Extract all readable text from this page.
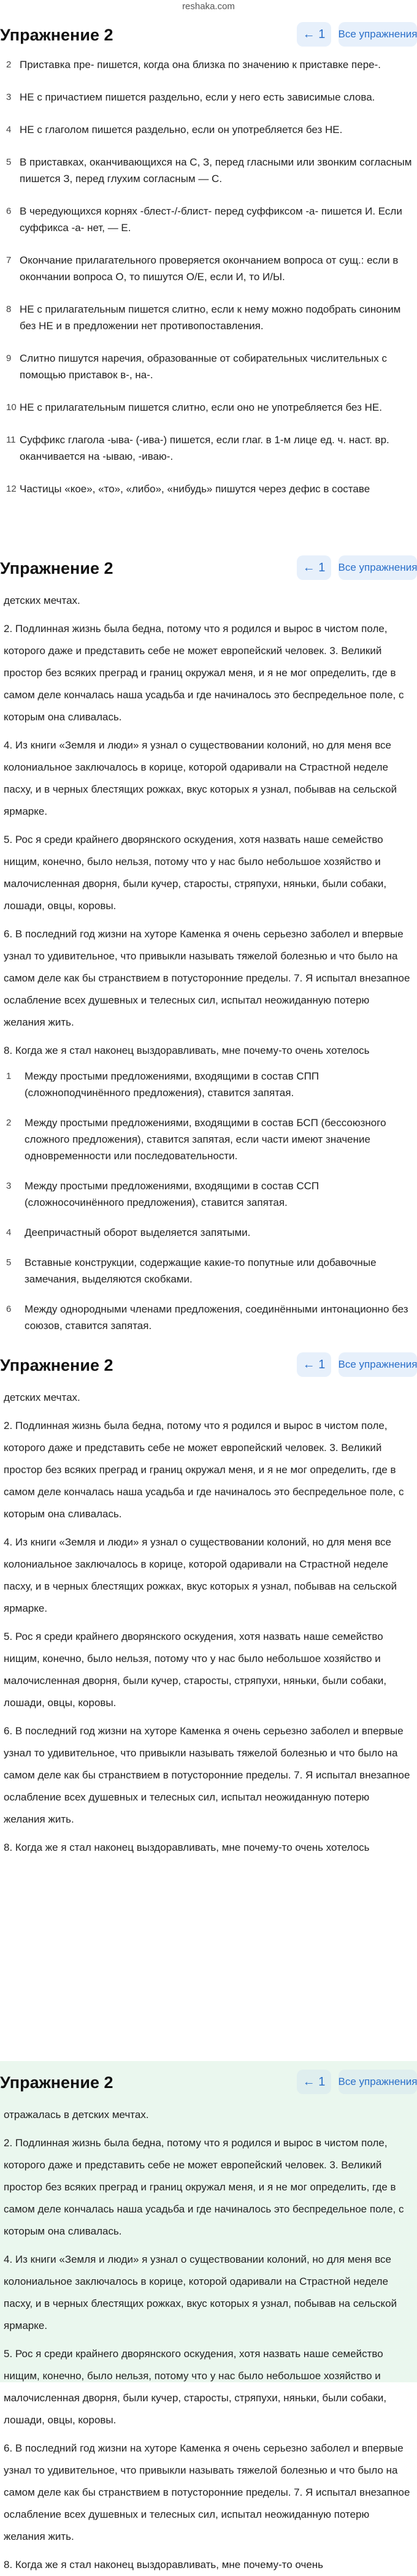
reshaka.com
Упражнение 2	← 1	Все упражнения
2 Приставка пре- пишется, когда она близка по значению к приставке пере-.
3 НЕ с причастием пишется раздельно, если у него есть зависимые слова.
4 НЕ с глаголом пишется раздельно, если он употребляется без НЕ.
5 В приставках, оканчивающихся на С, З, перед гласными или звонким согласным пишется З, перед глухим согласным — С.
6 В чередующихся корнях -блест-/-блист- перед суффиксом -а- пишется И. Если суффикса -а- нет, — Е.
7 Окончание прилагательного проверяется окончанием вопроса от сущ.: если в окончании вопроса О, то пишутся О/Е, если И, то И/Ы.
8 НЕ с прилагательным пишется слитно, если к нему можно подобрать синоним без НЕ и в предложении нет противопоставления.
9 Слитно пишутся наречия, образованные от собирательных числительных с помощью приставок в-, на-.
10 НЕ с прилагательным пишется слитно, если оно не употребляется без НЕ.
11 Суффикс глагола -ыва- (-ива-) пишется, если глаг. в 1-м лице ед. ч. наст. вр. оканчивается на -ываю, -иваю-.
12 Частицы «кое», «то», «либо», «нибудь» пишутся через дефис в составе
Упражнение 2	← 1	Все упражнения

детских мечтах.

2. Подлинная жизнь была бедна, потому что я родился и вырос в чистом поле, которого даже и представить себе не может европейский человек. 3. Великий простор без всяких преград и границ окружал меня, и я не мог определить, где в самом деле кончалась наша усадьба и где начиналось это беспредельное поле, с которым она сливалась.

4. Из книги «Земля и люди» я узнал о существовании колоний, но для меня все колониальное заключалось в корице, которой одаривали на Страстной неделе пасху, и в черных блестящих рожках, вкус которых я узнал, побывав на сельской ярмарке.

5. Рос я среди крайнего дворянского оскудения, хотя назвать наше семейство нищим, конечно, было нельзя, потому что у нас было небольшое хозяйство и малочисленная дворня, были кучер, старосты, стряпухи, няньки, были собаки, лошади, овцы, коровы.

6. В последний год жизни на хуторе Каменка я очень серьезно заболел и впервые узнал то удивительное, что привыкли называть тяжелой болезнью и что было на самом деле как бы странствием в потусторонние пределы. 7. Я испытал внезапное ослабление всех душевных и телесных сил, испытал неожиданную потерю желания жить.

8. Когда же я стал наконец выздоравливать, мне почему-то очень хотелось

1 Между простыми предложениями, входящими в состав СПП (сложноподчинённого предложения), ставится запятая.
2 Между простыми предложениями, входящими в состав БСП (бессоюзного сложного предложения), ставится запятая, если части имеют значение одновременности или последовательности.
3 Между простыми предложениями, входящими в состав ССП (сложносочинённого предложения), ставится запятая.
4 Деепричастный оборот выделяется запятыми.
5 Вставные конструкции, содержащие какие-то попутные или добавочные замечания, выделяются скобками.
6 Между однородными членами предложения, соединёнными интонационно без союзов, ставится запятая.
Упражнение 2	← 1	Все упражнения

детских мечтах.

2. Подлинная жизнь была бедна, потому что я родился и вырос в чистом поле, которого даже и представить себе не может европейский человек. 3. Великий простор без всяких преград и границ окружал меня, и я не мог определить, где в самом деле кончалась наша усадьба и где начиналось это беспредельное поле, с которым она сливалась.

4. Из книги «Земля и люди» я узнал о существовании колоний, но для меня все колониальное заключалось в корице, которой одаривали на Страстной неделе пасху, и в черных блестящих рожках, вкус которых я узнал, побывав на сельской ярмарке.

5. Рос я среди крайнего дворянского оскудения, хотя назвать наше семейство нищим, конечно, было нельзя, потому что у нас было небольшое хозяйство и малочисленная дворня, были кучер, старосты, стряпухи, няньки, были собаки, лошади, овцы, коровы.

6. В последний год жизни на хуторе Каменка я очень серьезно заболел и впервые узнал то удивительное, что привыкли называть тяжелой болезнью и что было на самом деле как бы странствием в потусторонние пределы. 7. Я испытал внезапное ослабление всех душевных и телесных сил, испытал неожиданную потерю желания жить.

8. Когда же я стал наконец выздоравливать, мне почему-то очень хотелось

Упражнение 2	← 1	Все упражнения

отражалась в детских мечтах.

2. Подлинная жизнь была бедна, потому что я родился и вырос в чистом поле, которого даже и представить себе не может европейский человек. 3. Великий простор без всяких преград и границ окружал меня, и я не мог определить, где в самом деле кончалась наша усадьба и где начиналось это беспредельное поле, с которым она сливалась.

4. Из книги «Земля и люди» я узнал о существовании колоний, но для меня все колониальное заключалось в корице, которой одаривали на Страстной неделе пасху, и в черных блестящих рожках, вкус которых я узнал, побывав на сельской ярмарке.

5. Рос я среди крайнего дворянского оскудения, хотя назвать наше семейство нищим, конечно, было нельзя, потому что у нас было небольшое хозяйство и малочисленная дворня, были кучер, старосты, стряпухи, няньки, были собаки, лошади, овцы, коровы.

6. В последний год жизни на хуторе Каменка я очень серьезно заболел и впервые узнал то удивительное, что привыкли называть тяжелой болезнью и что было на самом деле как бы странствием в потусторонние пределы. 7. Я испытал внезапное ослабление всех душевных и телесных сил, испытал неожиданную потерю желания жить.

8. Когда же я стал наконец выздоравливать, мне почему-то очень
